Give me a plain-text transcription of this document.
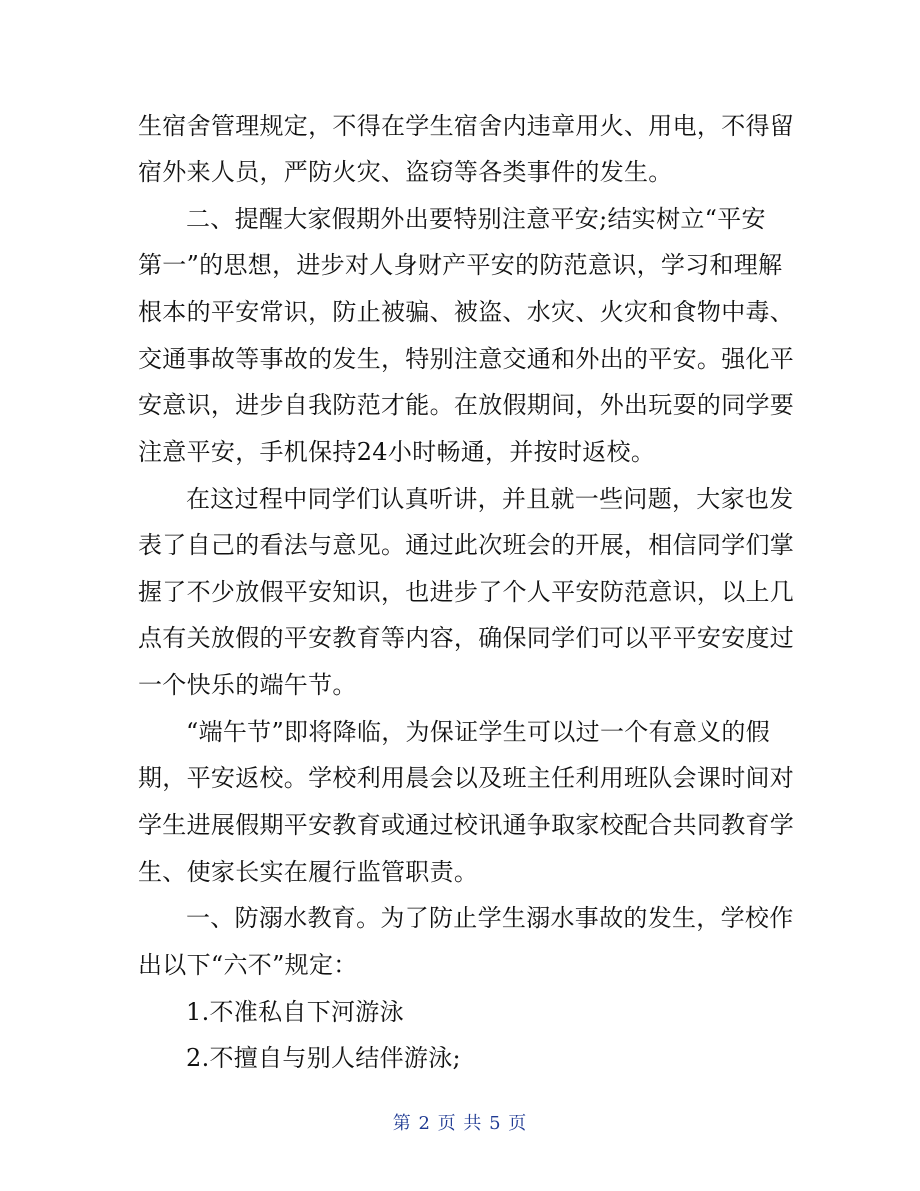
生宿舍管理规定，不得在学生宿舍内违章用火、用电，不得留
宿外来人员，严防火灾、盗窃等各类事件的发生。
二、提醒大家假期外出要特别注意平安;结实树立“平安
第一”的思想，进步对人身财产平安的防范意识，学习和理解
根本的平安常识，防止被骗、被盗、水灾、火灾和食物中毒、
交通事故等事故的发生，特别注意交通和外出的平安。强化平
安意识，进步自我防范才能。在放假期间，外出玩耍的同学要
注意平安，手机保持24小时畅通，并按时返校。
在这过程中同学们认真听讲，并且就一些问题，大家也发
表了自己的看法与意见。通过此次班会的开展，相信同学们掌
握了不少放假平安知识，也进步了个人平安防范意识，以上几
点有关放假的平安教育等内容，确保同学们可以平平安安度过
一个快乐的端午节。
“端午节”即将降临，为保证学生可以过一个有意义的假
期，平安返校。学校利用晨会以及班主任利用班队会课时间对
学生进展假期平安教育或通过校讯通争取家校配合共同教育学
生、使家长实在履行监管职责。
一、防溺水教育。为了防止学生溺水事故的发生，学校作
出以下“六不”规定：
1.不准私自下河游泳
2.不擅自与别人结伴游泳;
第 2 页 共 5 页
